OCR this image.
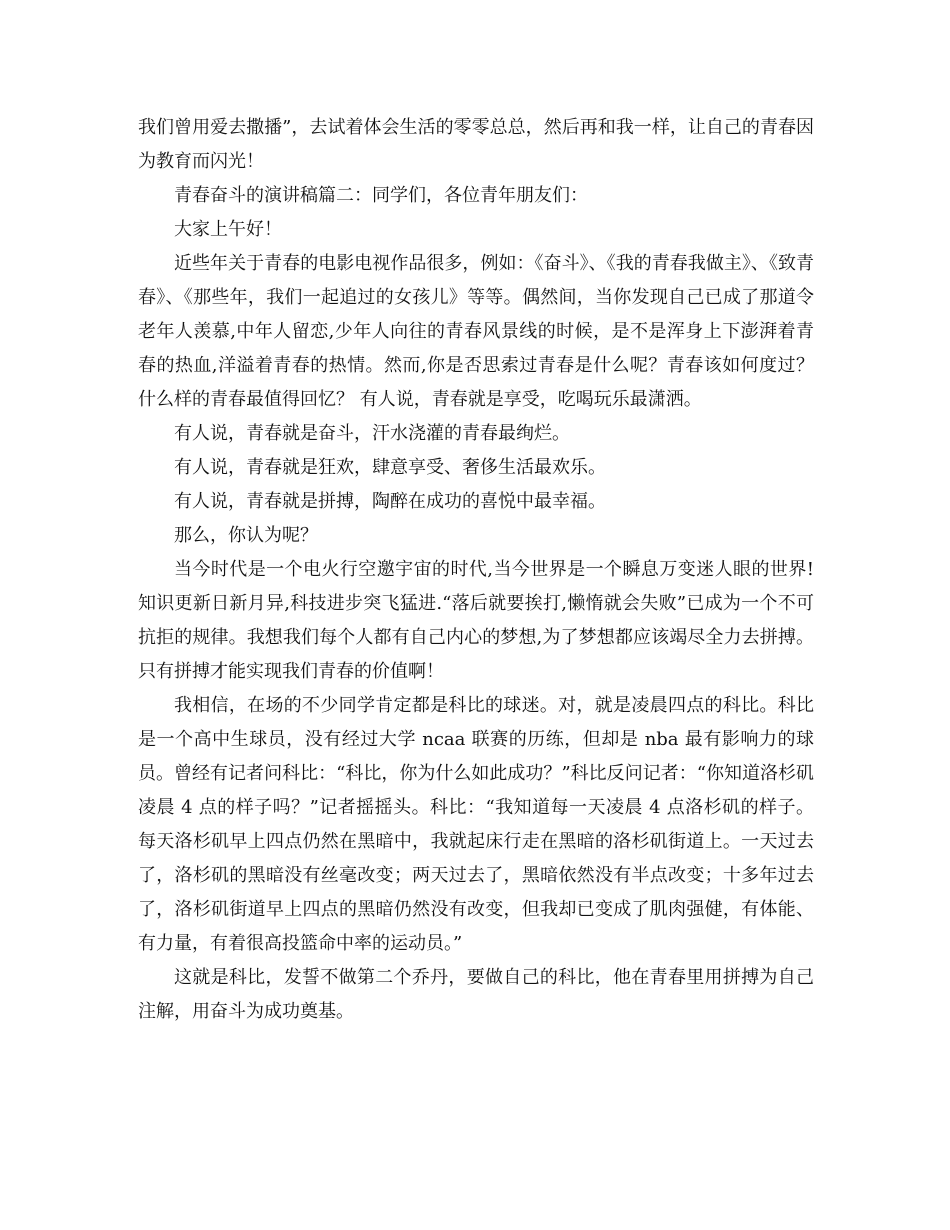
我们曾用爱去撒播”，去试着体会生活的零零总总，然后再和我一样，让自己的青春因为教育而闪光！

青春奋斗的演讲稿篇二：同学们，各位青年朋友们：

大家上午好！

近些年关于青春的电影电视作品很多，例如：《奋斗》、《我的青春我做主》、《致青春》、《那些年，我们一起追过的女孩儿》等等。偶然间，当你发现自己已成了那道令老年人羡慕,中年人留恋,少年人向往的青春风景线的时候，是不是浑身上下澎湃着青春的热血,洋溢着青春的热情。然而,你是否思索过青春是什么呢？青春该如何度过？什么样的青春最值得回忆？ 有人说，青春就是享受，吃喝玩乐最潇洒。

有人说，青春就是奋斗，汗水浇灌的青春最绚烂。

有人说，青春就是狂欢，肆意享受、奢侈生活最欢乐。

有人说，青春就是拼搏，陶醉在成功的喜悦中最幸福。

那么，你认为呢？

当今时代是一个电火行空邀宇宙的时代,当今世界是一个瞬息万变迷人眼的世界!知识更新日新月异,科技进步突飞猛进.“落后就要挨打,懒惰就会失败”已成为一个不可抗拒的规律。我想我们每个人都有自己内心的梦想,为了梦想都应该竭尽全力去拼搏。只有拼搏才能实现我们青春的价值啊！

我相信，在场的不少同学肯定都是科比的球迷。对，就是凌晨四点的科比。科比是一个高中生球员，没有经过大学 ncaa 联赛的历练，但却是 nba 最有影响力的球员。曾经有记者问科比：“科比，你为什么如此成功？”科比反问记者：“你知道洛杉矶凌晨 4 点的样子吗？”记者摇摇头。科比：“我知道每一天凌晨 4 点洛杉矶的样子。每天洛杉矶早上四点仍然在黑暗中，我就起床行走在黑暗的洛杉矶街道上。一天过去了，洛杉矶的黑暗没有丝毫改变；两天过去了，黑暗依然没有半点改变；十多年过去了，洛杉矶街道早上四点的黑暗仍然没有改变，但我却已变成了肌肉强健，有体能、有力量，有着很高投篮命中率的运动员。”

这就是科比，发誓不做第二个乔丹，要做自己的科比，他在青春里用拼搏为自己注解，用奋斗为成功奠基。
